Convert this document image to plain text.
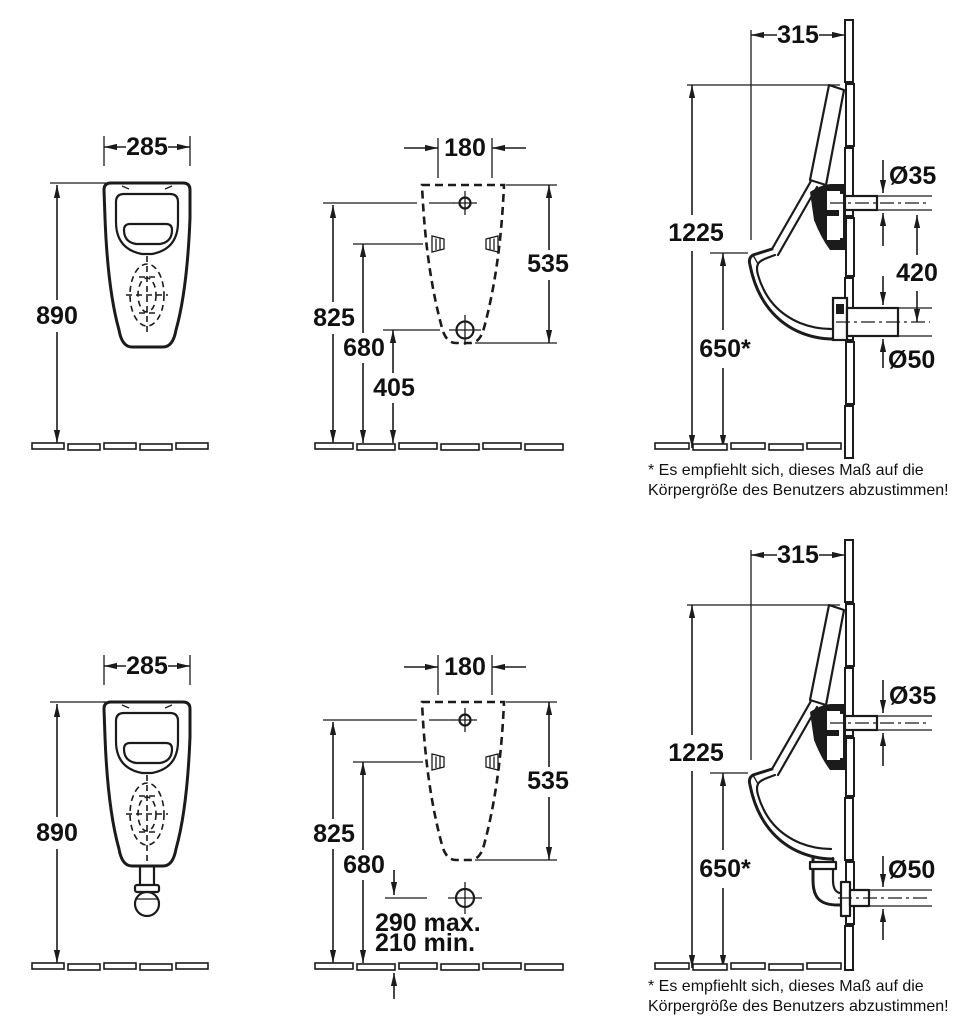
285
890
180
535
825
680
405
315
1225
650*
Ø35
420
Ø50
* Es empfiehlt sich, dieses Maß auf die
Körpergröße des Benutzers abzustimmen!
285
890
180
535
825
680
290 max.
210 min.
315
1225
650*
Ø35
Ø50
* Es empfiehlt sich, dieses Maß auf die
Körpergröße des Benutzers abzustimmen!
